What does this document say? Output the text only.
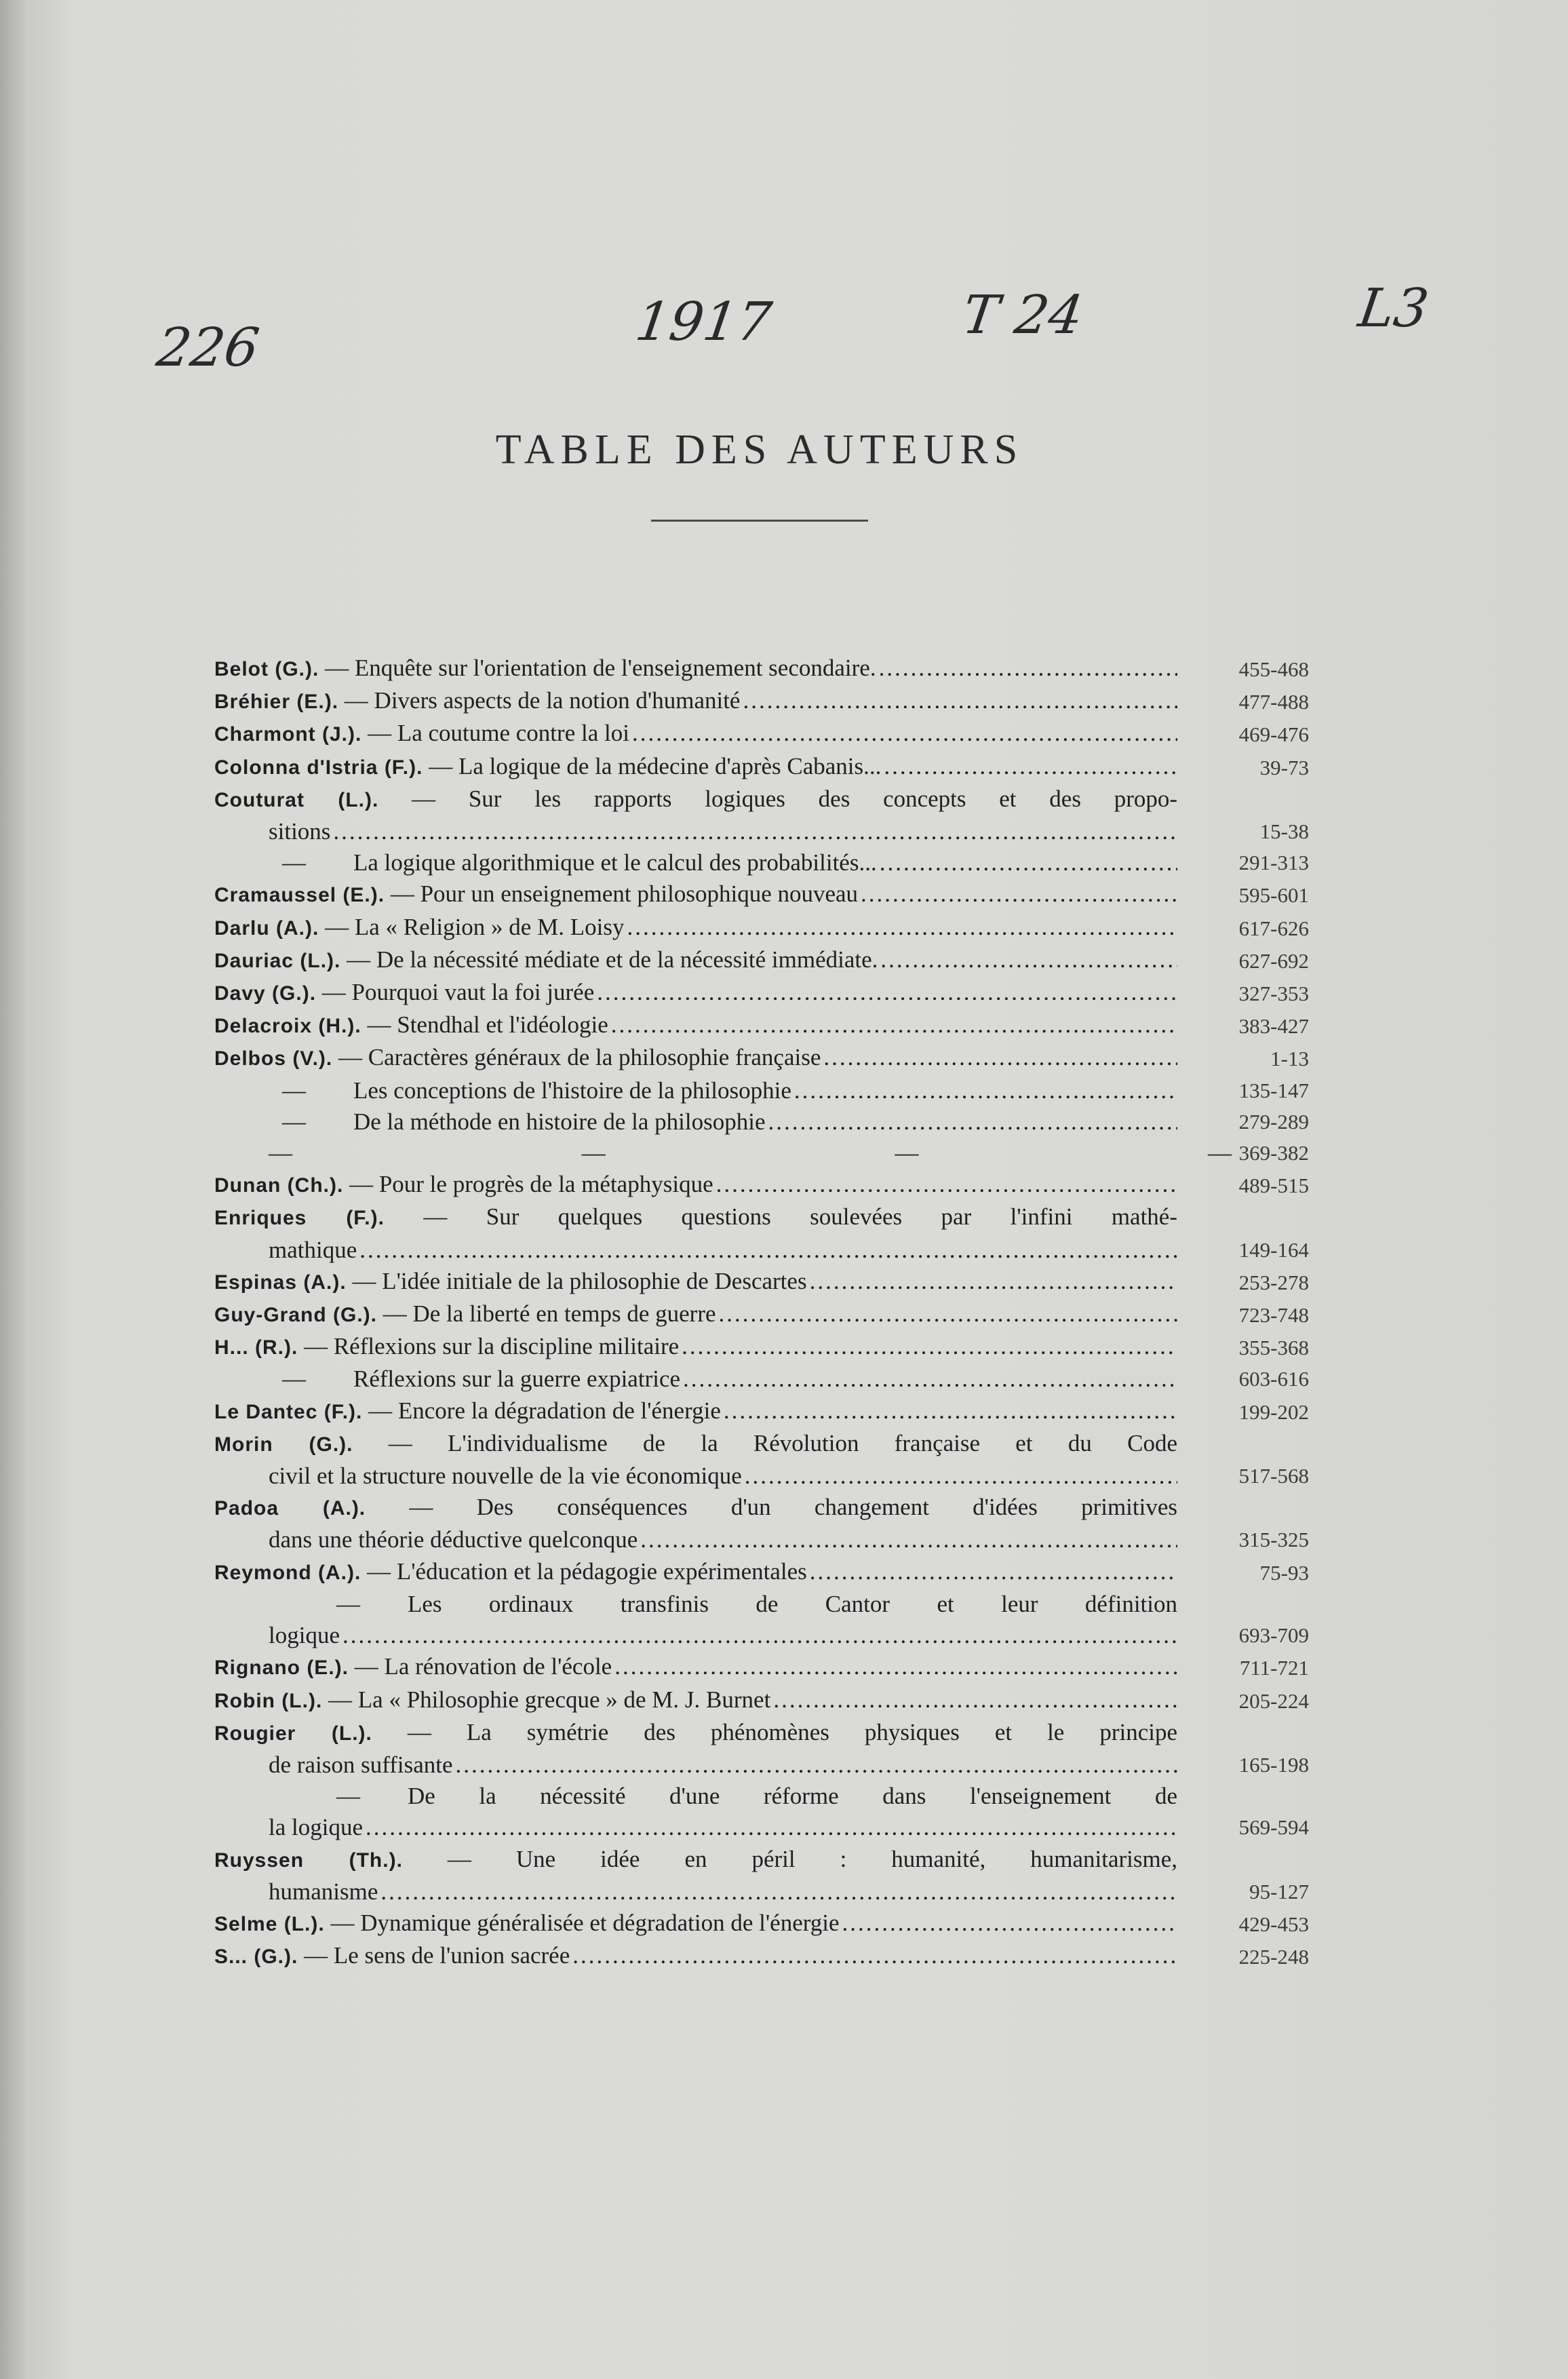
226	1917	T 24	L3
TABLE DES AUTEURS
Belot (G.). — Enquête sur l'orientation de l'enseignement secondaire. .....	455-468
Bréhier (E.). — Divers aspects de la notion d'humanité .....	477-488
Charmont (J.). — La coutume contre la loi .....	469-476
Colonna d'Istria (F.). — La logique de la médecine d'après Cabanis... .....	39-73
Couturat (L.). — Sur les rapports logiques des concepts et des propo-
sitions .....	15-38
—   La logique algorithmique et le calcul des probabilités... .....	291-313
Cramaussel (E.). — Pour un enseignement philosophique nouveau .....	595-601
Darlu (A.). — La « Religion » de M. Loisy .....	617-626
Dauriac (L.). — De la nécessité médiate et de la nécessité immédiate. .....	627-692
Davy (G.). — Pourquoi vaut la foi jurée .....	327-353
Delacroix (H.). — Stendhal et l'idéologie .....	383-427
Delbos (V.). — Caractères généraux de la philosophie française .....	1-13
—   Les conceptions de l'histoire de la philosophie .....	135-147
—   De la méthode en histoire de la philosophie .....	279-289
—	—	—	— 369-382
Dunan (Ch.). — Pour le progrès de la métaphysique .....	489-515
Enriques (F.). — Sur quelques questions soulevées par l'infini mathé-
mathique .....	149-164
Espinas (A.). — L'idée initiale de la philosophie de Descartes .....	253-278
Guy-Grand (G.). — De la liberté en temps de guerre .....	723-748
H... (R.). — Réflexions sur la discipline militaire .....	355-368
—   Réflexions sur la guerre expiatrice .....	603-616
Le Dantec (F.). — Encore la dégradation de l'énergie .....	199-202
Morin (G.). — L'individualisme de la Révolution française et du Code
civil et la structure nouvelle de la vie économique .....	517-568
Padoa (A.). — Des conséquences d'un changement d'idées primitives
dans une théorie déductive quelconque .....	315-325
Reymond (A.). — L'éducation et la pédagogie expérimentales .....	75-93
—   Les ordinaux transfinis de Cantor et leur définition
logique .....	693-709
Rignano (E.). — La rénovation de l'école .....	711-721
Robin (L.). — La « Philosophie grecque » de M. J. Burnet .....	205-224
Rougier (L.). — La symétrie des phénomènes physiques et le principe
de raison suffisante .....	165-198
—   De la nécessité d'une réforme dans l'enseignement de
la logique .....	569-594
Ruyssen (Th.). — Une idée en péril : humanité, humanitarisme,
humanisme .....	95-127
Selme (L.). — Dynamique généralisée et dégradation de l'énergie .....	429-453
S... (G.). — Le sens de l'union sacrée .....	225-248
